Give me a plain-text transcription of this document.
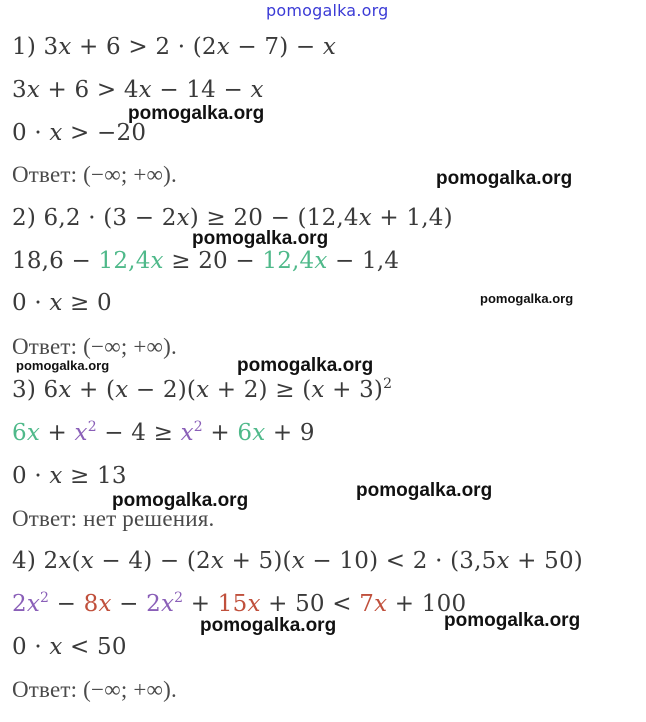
pomogalka.org
1) 3x + 6 > 2 · (2x − 7) − x
3x + 6 > 4x − 14 − x
0 · x > −20
Ответ: (−∞; +∞).
2) 6,2 · (3 − 2x) ≥ 20 − (12,4x + 1,4)
18,6 − 12,4x ≥ 20 − 12,4x − 1,4
0 · x ≥ 0
Ответ: (−∞; +∞).
3) $6x + (x - 2)(x + 2) \ge (x + 3)^2$
$6x + x^2 - 4 \ge x^2 + 6x + 9$
0 · x ≥ 13
Ответ: нет решения.
4) 2x(x − 4) − (2x + 5)(x − 10) < 2 · (3,5x + 50)
$2x^2 - 8x - 2x^2 + 15x + 50 < 7x + 100$
0 · x < 50
Ответ: (−∞; +∞).
pomogalka.org
pomogalka.org
pomogalka.org
pomogalka.org
pomogalka.org
pomogalka.org
pomogalka.org
pomogalka.org
pomogalka.org
pomogalka.org
